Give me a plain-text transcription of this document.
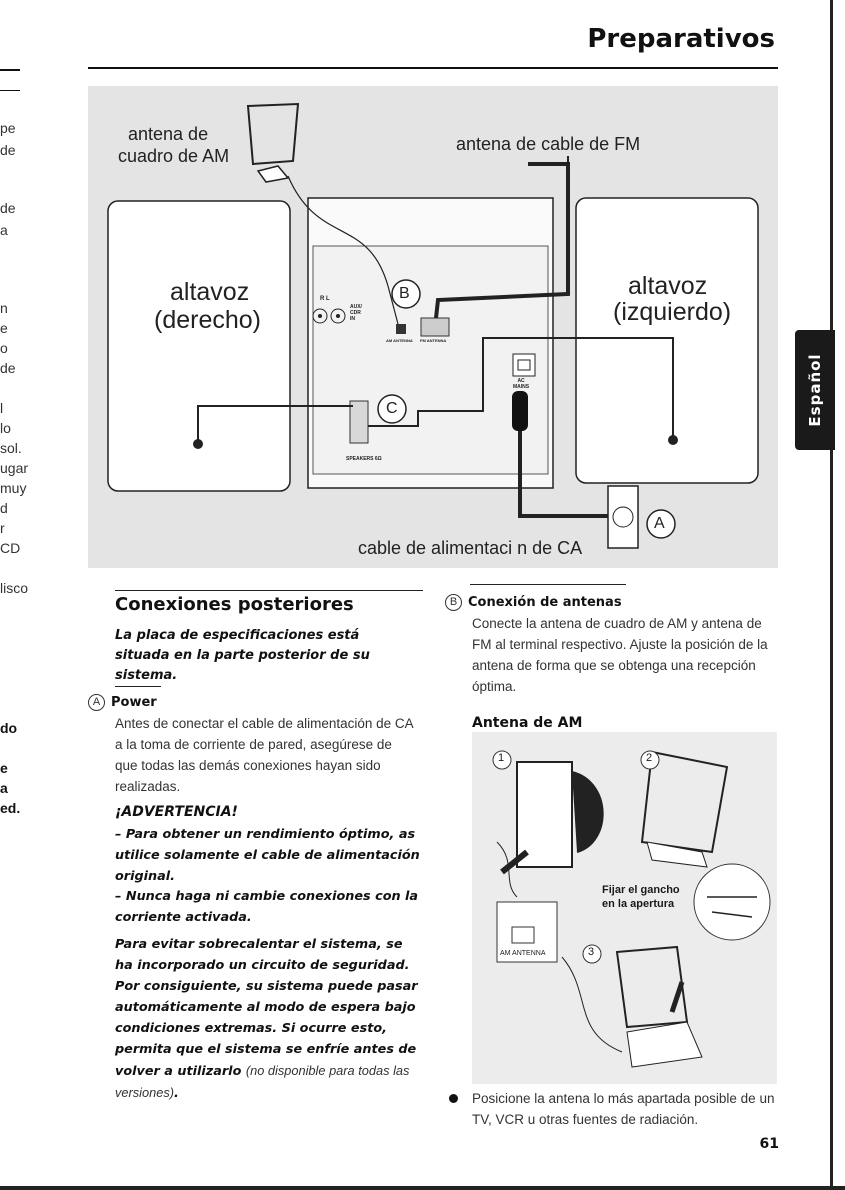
Preparativos
pe
de
de
a
n
e
o
de
l
lo
sol.
ugar
muy
d
r
CD
lisco
do
e
a
ed.
Español
antena de
cuadro de AM
antena de cable de FM
altavoz
(derecho)
altavoz
(izquierdo)
cable de alimentaci n de CA
B
C
A
R L
AUX/
CDR
IN
AM ANTENNA FM ANTENNA
AC
MAINS
SPEAKERS 6Ω
Conexiones posteriores
La placa de especificaciones está situada en la parte posterior de su sistema.
A Power
Antes de conectar el cable de alimentación de CA a la toma de corriente de pared, asegúrese de que todas las demás conexiones hayan sido realizadas.
¡ADVERTENCIA!
– Para obtener un rendimiento óptimo, as utilice solamente el cable de alimentación original.
– Nunca haga ni cambie conexiones con la corriente activada.
Para evitar sobrecalentar el sistema, se ha incorporado un circuito de seguridad. Por consiguiente, su sistema puede pasar automáticamente al modo de espera bajo condiciones extremas. Si ocurre esto, permita que el sistema se enfríe antes de volver a utilizarlo (no disponible para todas las versiones).
B Conexión de antenas
Conecte la antena de cuadro de AM y antena de FM al terminal respectivo. Ajuste la posición de la antena de forma que se obtenga una recepción óptima.
Antena de AM
1	2
3
Fijar el gancho
en la apertura
AM ANTENNA
Posicione la antena lo más apartada posible de un TV, VCR u otras fuentes de radiación.
61
